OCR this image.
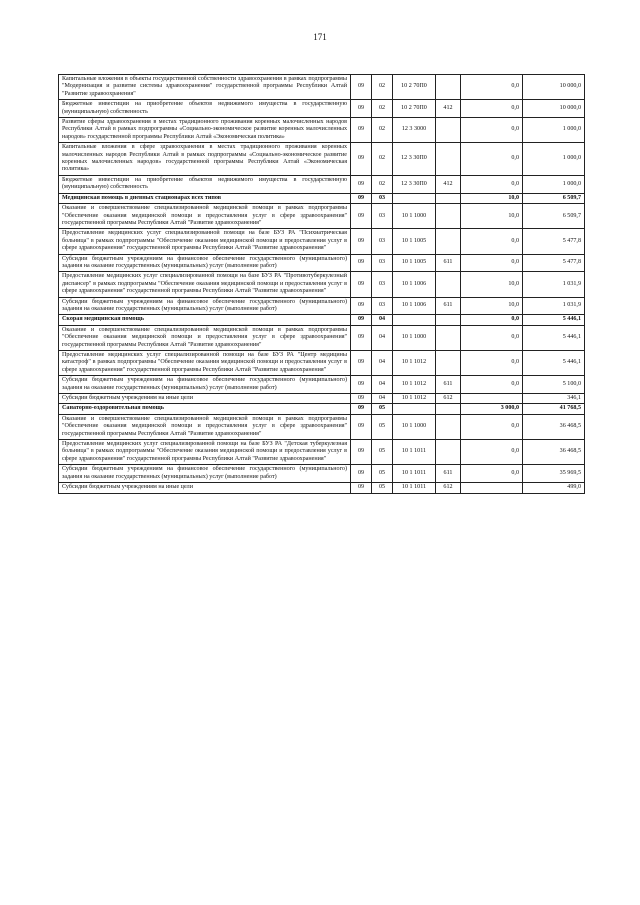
171
Капитальные вложения в объекты государственной собственности здравоохранения в рамках подпрограммы "Модернизация и развитие системы здравоохранения" государственной программы Республики Алтай "Развитие здравоохранения"	09	02	10 2 70П0		0,0	10 000,0
Бюджетные инвестиции на приобретение объектов недвижимого имущества в государственную (муниципальную) собственность	09	02	10 2 70П0	412	0,0	10 000,0
Развитие сферы здравоохранения в местах традиционного проживания коренных малочисленных народов Республики Алтай в рамках подпрограммы «Социально-экономическое развитие коренных малочисленных народов» государственной программы Республики Алтай «Экономическая политика»	09	02	12 3 3000		0,0	1 000,0
Капитальные вложения в сфере здравоохранения в местах традиционного проживания коренных малочисленных народов Республики Алтай в рамках подпрограммы «Социально-экономическое развитие коренных малочисленных народов» государственной программы Республики Алтай «Экономическая политика»	09	02	12 3 30П0		0,0	1 000,0
Бюджетные инвестиции на приобретение объектов недвижимого имущества в государственную (муниципальную) собственность	09	02	12 3 30П0	412	0,0	1 000,0
Медицинская помощь в дневных стационарах всех типов	09	03			10,0	6 509,7
Оказание и совершенствование специализированной медицинской помощи в рамках подпрограммы "Обеспечение оказания медицинской помощи и предоставления услуг в сфере здравоохранения" государственной программы Республики Алтай "Развитие здравоохранения"	09	03	10 1 1000		10,0	6 509,7
Предоставление медицинских услуг специализированной помощи на базе БУЗ РА "Психиатрическая больница" в рамках подпрограммы "Обеспечение оказания медицинской помощи и предоставления услуг в сфере здравоохранения" государственной программы Республики Алтай "Развитие здравоохранения"	09	03	10 1 1005		0,0	5 477,8
Субсидии бюджетным учреждениям на финансовое обеспечение государственного (муниципального) задания на оказание государственных (муниципальных) услуг (выполнение работ)	09	03	10 1 1005	611	0,0	5 477,8
Предоставление медицинских услуг специализированной помощи на базе БУЗ РА "Противотуберкулезный диспансер" в рамках подпрограммы "Обеспечение оказания медицинской помощи и предоставления услуг в сфере здравоохранения" государственной программы Республики Алтай "Развитие здравоохранения"	09	03	10 1 1006		10,0	1 031,9
Субсидии бюджетным учреждениям на финансовое обеспечение государственного (муниципального) задания на оказание государственных (муниципальных) услуг (выполнение работ)	09	03	10 1 1006	611	10,0	1 031,9
Скорая медицинская помощь	09	04			0,0	5 446,1
Оказание и совершенствование специализированной медицинской помощи в рамках подпрограммы "Обеспечение оказания медицинской помощи и предоставления услуг в сфере здравоохранения" государственной программы Республики Алтай "Развитие здравоохранения"	09	04	10 1 1000		0,0	5 446,1
Предоставление медицинских услуг специализированной помощи на базе БУЗ РА "Центр медицины катастроф" в рамках подпрограммы "Обеспечение оказания медицинской помощи и предоставления услуг в сфере здравоохранения" государственной программы Республики Алтай "Развитие здравоохранения"	09	04	10 1 1012		0,0	5 446,1
Субсидии бюджетным учреждениям на финансовое обеспечение государственного (муниципального) задания на оказание государственных (муниципальных) услуг (выполнение работ)	09	04	10 1 1012	611	0,0	5 100,0
Субсидии бюджетным учреждениям на иные цели	09	04	10 1 1012	612		346,1
Санаторно-оздоровительная помощь	09	05			3 000,0	41 768,5
Оказание и совершенствование специализированной медицинской помощи в рамках подпрограммы "Обеспечение оказания медицинской помощи и предоставления услуг в сфере здравоохранения" государственной программы Республики Алтай "Развитие здравоохранения"	09	05	10 1 1000		0,0	36 468,5
Предоставление медицинских услуг специализированной помощи на базе БУЗ РА "Детская туберкулезная больница" в рамках подпрограммы "Обеспечение оказания медицинской помощи и предоставления услуг в сфере здравоохранения" государственной программы Республики Алтай "Развитие здравоохранения"	09	05	10 1 1011		0,0	36 468,5
Субсидии бюджетным учреждениям на финансовое обеспечение государственного (муниципального) задания на оказание государственных (муниципальных) услуг (выполнение работ)	09	05	10 1 1011	611	0,0	35 969,5
Субсидии бюджетным учреждениям на иные цели	09	05	10 1 1011	612		499,0
